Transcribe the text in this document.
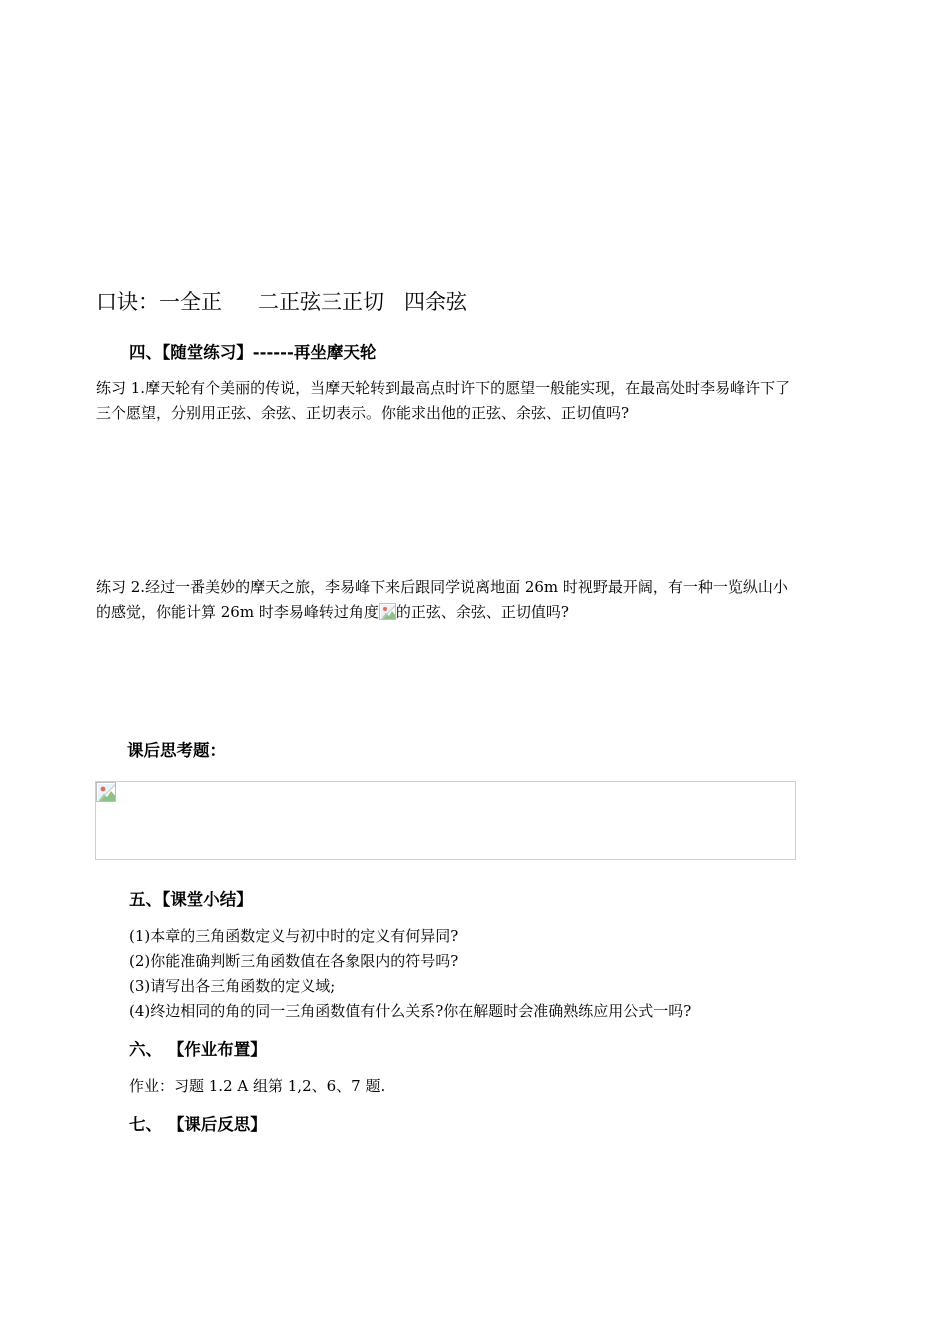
口诀：一全正 二正弦三正切 四余弦
四、【随堂练习】------再坐摩天轮
练习 1.摩天轮有个美丽的传说，当摩天轮转到最高点时许下的愿望一般能实现，在最高处时李易峰许下了
三个愿望，分别用正弦、余弦、正切表示。你能求出他的正弦、余弦、正切值吗?
练习 2.经过一番美妙的摩天之旅，李易峰下来后跟同学说离地面 26m 时视野最开阔，有一种一览纵山小
的感觉，你能计算 26m 时李易峰转过角度 的正弦、余弦、正切值吗?
课后思考题：
五、【课堂小结】
(1)本章的三角函数定义与初中时的定义有何异同?
(2)你能准确判断三角函数值在各象限内的符号吗?
(3)请写出各三角函数的定义域;
(4)终边相同的角的同一三角函数值有什么关系?你在解题时会准确熟练应用公式一吗?
六、 【作业布置】
作业：习题 1.2 A 组第 1,2、6、7 题.
七、 【课后反思】
